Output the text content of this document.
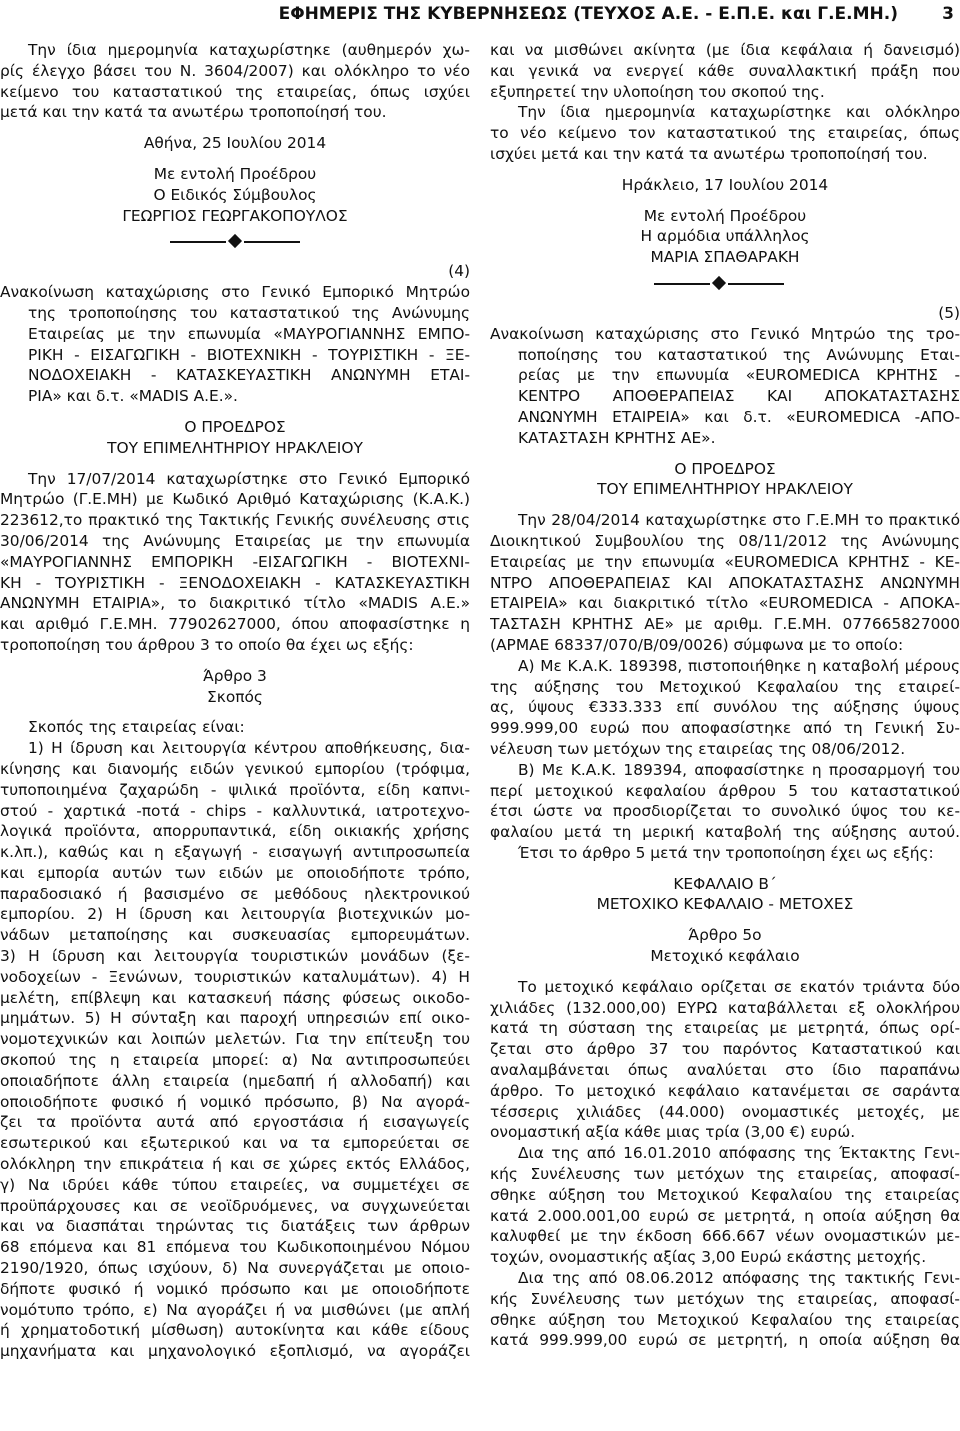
ΕΦΗΜΕΡΙΣ ΤΗΣ ΚΥΒΕΡΝΗΣΕΩΣ (ΤΕΥΧΟΣ Α.Ε. - Ε.Π.Ε. και Γ.Ε.ΜΗ.)	3
Την ίδια ημερομηνία καταχωρίστηκε (αυθημερόν χω-
ρίς έλεγχο βάσει του Ν. 3604/2007) και ολόκληρο το νέο
κείμενο του καταστατικού της εταιρείας, όπως ισχύει
μετά και την κατά τα ανωτέρω τροποποίησή του.
Αθήνα, 25 Ιουλίου 2014
Με εντολή Προέδρου
Ο Ειδικός Σύμβουλος
ΓΕΩΡΓΙΟΣ ΓΕΩΡΓΑΚΟΠΟΥΛΟΣ
(4)
Ανακοίνωση καταχώρισης στο Γενικό Εμπορικό Μητρώο
της τροποποίησης του καταστατικού της Ανώνυμης
Εταιρείας με την επωνυμία «ΜΑΥΡΟΓΙΑΝΝΗΣ ΕΜΠΟ-
ΡΙΚΗ - ΕΙΣΑΓΩΓΙΚΗ - ΒΙΟΤΕΧΝΙΚΗ - ΤΟΥΡΙΣΤΙΚΗ - ΞΕ-
ΝΟΔΟΧΕΙΑΚΗ - ΚΑΤΑΣΚΕΥΑΣΤΙΚΗ ΑΝΩΝΥΜΗ ΕΤΑΙ-
ΡΙΑ» και δ.τ. «MADIS Α.Ε.».
Ο ΠΡΟΕΔΡΟΣ
ΤΟΥ ΕΠΙΜΕΛΗΤΗΡΙΟΥ ΗΡΑΚΛΕΙΟΥ
Την 17/07/2014 καταχωρίστηκε στο Γενικό Εμπορικό
Μητρώο (Γ.Ε.ΜΗ) με Κωδικό Αριθμό Καταχώρισης (Κ.Α.Κ.)
223612,το πρακτικό της Τακτικής Γενικής συνέλευσης στις
30/06/2014 της Ανώνυμης Εταιρείας με την επωνυμία
«ΜΑΥΡΟΓΙΑΝΝΗΣ ΕΜΠΟΡΙΚΗ -ΕΙΣΑΓΩΓΙΚΗ - ΒΙΟΤΕΧΝΙ-
ΚΗ - ΤΟΥΡΙΣΤΙΚΗ - ΞΕΝΟΔΟΧΕΙΑΚΗ - ΚΑΤΑΣΚΕΥΑΣΤΙΚΗ
ΑΝΩΝΥΜΗ ΕΤΑΙΡΙΑ», το διακριτικό τίτλο «MADIS Α.Ε.»
και αριθμό Γ.Ε.ΜΗ. 77902627000, όπου αποφασίστηκε η
τροποποίηση του άρθρου 3 το οποίο θα έχει ως εξής:
Άρθρο 3
Σκοπός
Σκοπός της εταιρείας είναι:
1) Η ίδρυση και λειτουργία κέντρου αποθήκευσης, δια-
κίνησης και διανομής ειδών γενικού εμπορίου (τρόφιμα,
τυποποιημένα ζαχαρώδη - ψιλικά προϊόντα, είδη καπνι-
στού - χαρτικά -ποτά - chips - καλλυντικά, ιατροτεχνο-
λογικά προϊόντα, απορρυπαντικά, είδη οικιακής χρήσης
κ.λπ.), καθώς και η εξαγωγή - εισαγωγή αντιπροσωπεία
και εμπορία αυτών των ειδών με οποιοδήποτε τρόπο,
παραδοσιακό ή βασισμένο σε μεθόδους ηλεκτρονικού
εμπορίου. 2) Η ίδρυση και λειτουργία βιοτεχνικών μο-
νάδων μεταποίησης και συσκευασίας εμπορευμάτων.
3) Η ίδρυση και λειτουργία τουριστικών μονάδων (ξε-
νοδοχείων - Ξενώνων, τουριστικών καταλυμάτων). 4) Η
μελέτη, επίβλεψη και κατασκευή πάσης φύσεως οικοδο-
μημάτων. 5) Η σύνταξη και παροχή υπηρεσιών επί οικο-
νομοτεχνικών και λοιπών μελετών. Για την επίτευξη του
σκοπού της η εταιρεία μπορεί: α) Να αντιπροσωπεύει
οποιαδήποτε άλλη εταιρεία (ημεδαπή ή αλλοδαπή) και
οποιοδήποτε φυσικό ή νομικό πρόσωπο, β) Να αγορά-
ζει τα προϊόντα αυτά από εργοστάσια ή εισαγωγείς
εσωτερικού και εξωτερικού και να τα εμπορεύεται σε
ολόκληρη την επικράτεια ή και σε χώρες εκτός Ελλάδος,
γ) Να ιδρύει κάθε τύπου εταιρείες, να συμμετέχει σε
προϋπάρχουσες και σε νεοϊδρυόμενες, να συγχωνεύεται
και να διασπάται τηρώντας τις διατάξεις των άρθρων
68 επόμενα και 81 επόμενα του Κωδικοποιημένου Νόμου
2190/1920, όπως ισχύουν, δ) Να συνεργάζεται με οποιο-
δήποτε φυσικό ή νομικό πρόσωπο και με οποιοδήποτε
νομότυπο τρόπο, ε) Να αγοράζει ή να μισθώνει (με απλή
ή χρηματοδοτική μίσθωση) αυτοκίνητα και κάθε είδους
μηχανήματα και μηχανολογικό εξοπλισμό, να αγοράζει
και να μισθώνει ακίνητα (με ίδια κεφάλαια ή δανεισμό)
και γενικά να ενεργεί κάθε συναλλακτική πράξη που
εξυπηρετεί την υλοποίηση του σκοπού της.
Την ίδια ημερομηνία καταχωρίστηκε και ολόκληρο
το νέο κείμενο τον καταστατικού της εταιρείας, όπως
ισχύει μετά και την κατά τα ανωτέρω τροποποίησή του.
Ηράκλειο, 17 Ιουλίου 2014
Με εντολή Προέδρου
Η αρμόδια υπάλληλος
ΜΑΡΙΑ ΣΠΑΘΑΡΑΚΗ
(5)
Ανακοίνωση καταχώρισης στο Γενικό Μητρώο της τρο-
ποποίησης του καταστατικού της Ανώνυμης Εται-
ρείας με την επωνυμία «EUROMEDICA ΚΡΗΤΗΣ -
ΚΕΝΤΡΟ ΑΠΟΘΕΡΑΠΕΙΑΣ ΚΑΙ ΑΠΟΚΑΤΑΣΤΑΣΗΣ
ΑΝΩΝΥΜΗ ΕΤΑΙΡΕΙΑ» και δ.τ. «EUROMEDICA -ΑΠΟ-
ΚΑΤΑΣΤΑΣΗ ΚΡΗΤΗΣ ΑΕ».
Ο ΠΡΟΕΔΡΟΣ
ΤΟΥ ΕΠΙΜΕΛΗΤΗΡΙΟΥ ΗΡΑΚΛΕΙΟΥ
Την 28/04/2014 καταχωρίστηκε στο Γ.Ε.ΜΗ το πρακτικό
Διοικητικού Συμβουλίου της 08/11/2012 της Ανώνυμης
Εταιρείας με την επωνυμία «EUROMEDICA ΚΡΗΤΗΣ - ΚΕ-
ΝΤΡΟ ΑΠΟΘΕΡΑΠΕΙΑΣ ΚΑΙ ΑΠΟΚΑΤΑΣΤΑΣΗΣ ΑΝΩΝΥΜΗ
ΕΤΑΙΡΕΙΑ» και διακριτικό τίτλο «EUROMEDICA - ΑΠΟΚΑ-
ΤΑΣΤΑΣΗ ΚΡΗΤΗΣ ΑΕ» με αριθμ. Γ.Ε.ΜΗ. 077665827000
(ΑΡΜΑΕ 68337/070/Β/09/0026) σύμφωνα με το οποίο:
Α) Με Κ.Α.Κ. 189398, πιστοποιήθηκε η καταβολή μέρους
της αύξησης του Μετοχικού Κεφαλαίου της εταιρεί-
ας, ύψους €333.333 επί συνόλου της αύξησης ύψους
999.999,00 ευρώ που αποφασίστηκε από τη Γενική Συ-
νέλευση των μετόχων της εταιρείας της 08/06/2012.
Β) Με Κ.Α.Κ. 189394, αποφασίστηκε η προσαρμογή του
περί μετοχικού κεφαλαίου άρθρου 5 του καταστατικού
έτσι ώστε να προσδιορίζεται το συνολικό ύψος του κε-
φαλαίου μετά τη μερική καταβολή της αύξησης αυτού.
Έτσι το άρθρο 5 μετά την τροποποίηση έχει ως εξής:
ΚΕΦΑΛΑΙΟ Β΄
ΜΕΤΟΧΙΚΟ ΚΕΦΑΛΑΙΟ - ΜΕΤΟΧΕΣ
Άρθρο 5ο
Μετοχικό κεφάλαιο
Το μετοχικό κεφάλαιο ορίζεται σε εκατόν τριάντα δύο
χιλιάδες (132.000,00) ΕΥΡΩ καταβάλλεται εξ ολοκλήρου
κατά τη σύσταση της εταιρείας με μετρητά, όπως ορί-
ζεται στο άρθρο 37 του παρόντος Καταστατικού και
αναλαμβάνεται όπως αναλύεται στο ίδιο παραπάνω
άρθρο. Το μετοχικό κεφάλαιο κατανέμεται σε σαράντα
τέσσερις χιλιάδες (44.000) ονομαστικές μετοχές, με
ονομαστική αξία κάθε μιας τρία (3,00 €) ευρώ.
Δια της από 16.01.2010 απόφασης της Έκτακτης Γενι-
κής Συνέλευσης των μετόχων της εταιρείας, αποφασί-
σθηκε αύξηση του Μετοχικού Κεφαλαίου της εταιρείας
κατά 2.000.001,00 ευρώ σε μετρητά, η οποία αύξηση θα
καλυφθεί με την έκδοση 666.667 νέων ονομαστικών με-
τοχών, ονομαστικής αξίας 3,00 Ευρώ εκάστης μετοχής.
Δια της από 08.06.2012 απόφασης της τακτικής Γενι-
κής Συνέλευσης των μετόχων της εταιρείας, αποφασί-
σθηκε αύξηση του Μετοχικού Κεφαλαίου της εταιρείας
κατά 999.999,00 ευρώ σε μετρητή, η οποία αύξηση θα
